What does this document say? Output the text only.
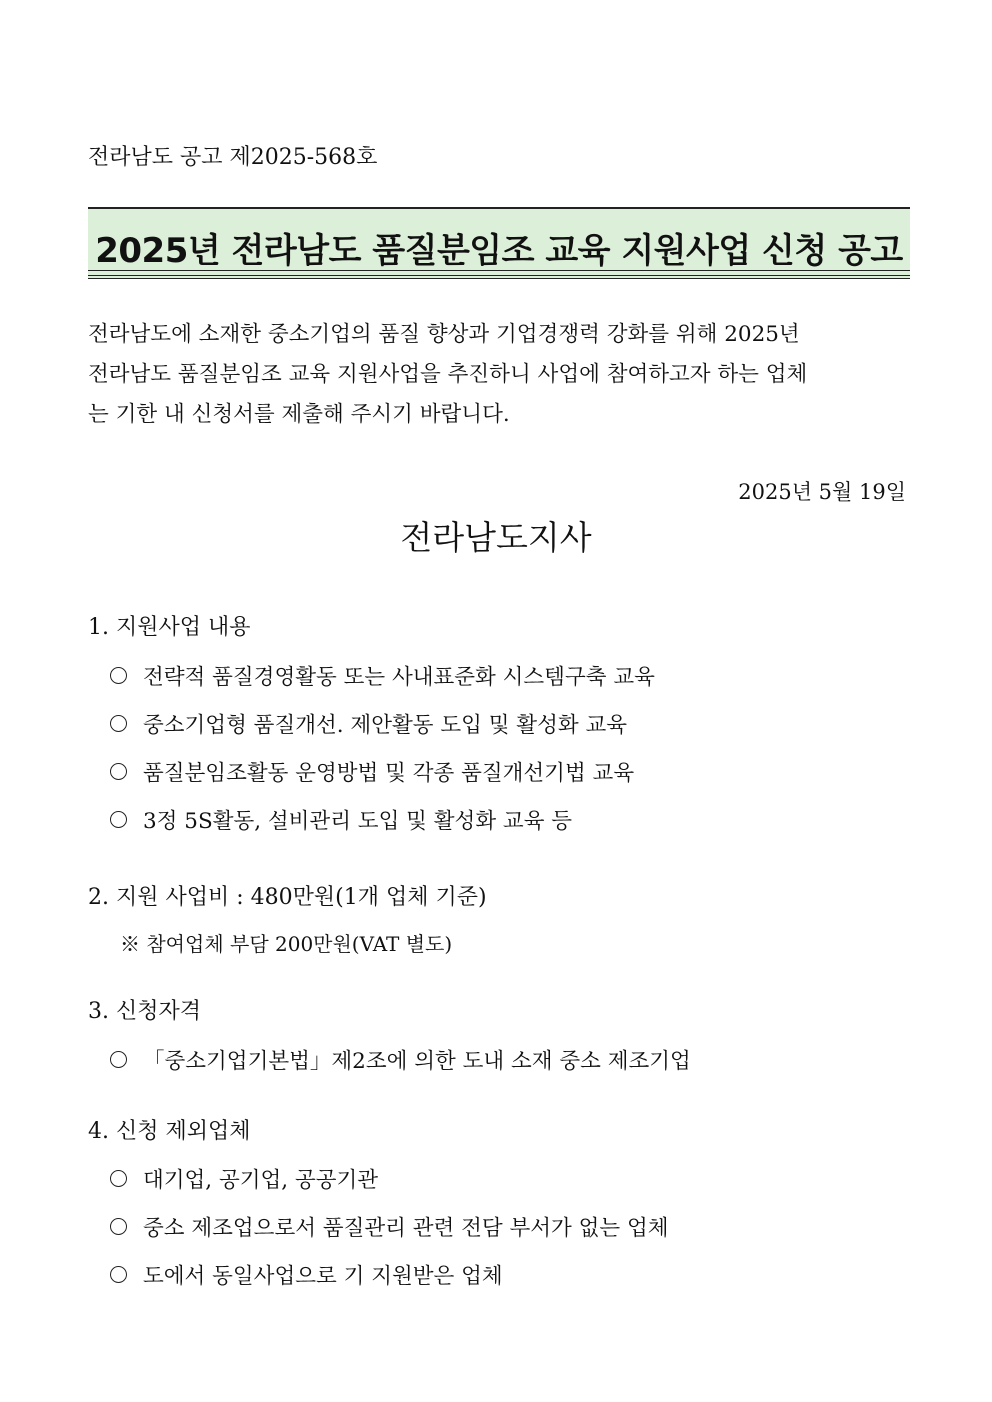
전라남도 공고 제2025-568호
2025년 전라남도 품질분임조 교육 지원사업 신청 공고
전라남도에 소재한 중소기업의 품질 향상과 기업경쟁력 강화를 위해 2025년
전라남도 품질분임조 교육 지원사업을 추진하니 사업에 참여하고자 하는 업체
는 기한 내 신청서를 제출해 주시기 바랍니다.
2025년 5월 19일
전라남도지사
1. 지원사업 내용
전략적 품질경영활동 또는 사내표준화 시스템구축 교육
중소기업형 품질개선. 제안활동 도입 및 활성화 교육
품질분임조활동 운영방법 및 각종 품질개선기법 교육
3정 5S활동, 설비관리 도입 및 활성화 교육 등
2. 지원 사업비 : 480만원(1개 업체 기준)
※ 참여업체 부담 200만원(VAT 별도)
3. 신청자격
「중소기업기본법」제2조에 의한 도내 소재 중소 제조기업
4. 신청 제외업체
대기업, 공기업, 공공기관
중소 제조업으로서 품질관리 관련 전담 부서가 없는 업체
도에서 동일사업으로 기 지원받은 업체
